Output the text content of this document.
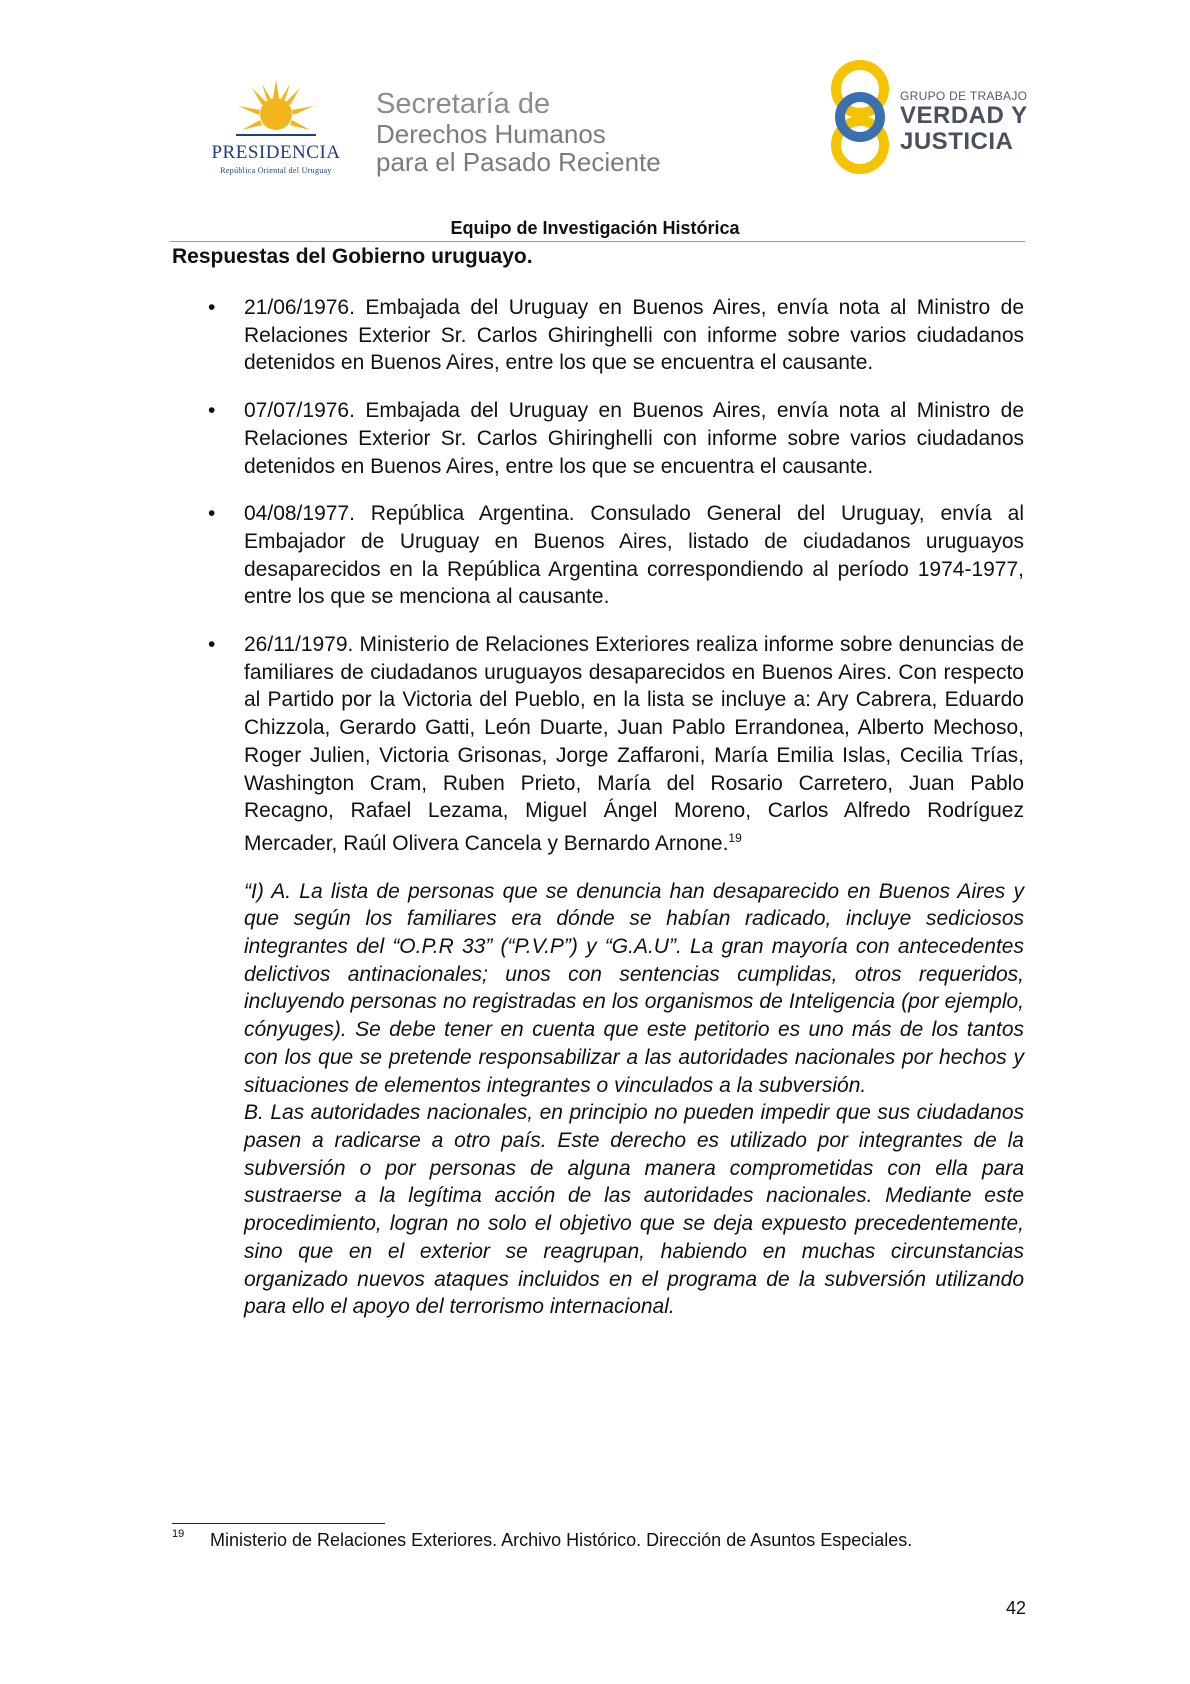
PRESIDENCIA
República Oriental del Uruguay
Secretaría de
Derechos Humanos
para el Pasado Reciente
GRUPO DE TRABAJO
VERDAD Y
JUSTICIA
Equipo de Investigación Histórica
Respuestas del Gobierno uruguayo.
• 21/06/1976. Embajada del Uruguay en Buenos Aires, envía nota al Ministro de Relaciones Exterior Sr. Carlos Ghiringhelli con informe sobre varios ciudadanos detenidos en Buenos Aires, entre los que se encuentra el causante.
• 07/07/1976. Embajada del Uruguay en Buenos Aires, envía nota al Ministro de Relaciones Exterior Sr. Carlos Ghiringhelli con informe sobre varios ciudadanos detenidos en Buenos Aires, entre los que se encuentra el causante.
• 04/08/1977. República Argentina. Consulado General del Uruguay, envía al Embajador de Uruguay en Buenos Aires, listado de ciudadanos uruguayos desaparecidos en la República Argentina correspondiendo al período 1974-1977, entre los que se menciona al causante.
• 26/11/1979. Ministerio de Relaciones Exteriores realiza informe sobre denuncias de familiares de ciudadanos uruguayos desaparecidos en Buenos Aires. Con respecto al Partido por la Victoria del Pueblo, en la lista se incluye a: Ary Cabrera, Eduardo Chizzola, Gerardo Gatti, León Duarte, Juan Pablo Errandonea, Alberto Mechoso, Roger Julien, Victoria Grisonas, Jorge Zaffaroni, María Emilia Islas, Cecilia Trías, Washington Cram, Ruben Prieto, María del Rosario Carretero, Juan Pablo Recagno, Rafael Lezama, Miguel Ángel Moreno, Carlos Alfredo Rodríguez Mercader, Raúl Olivera Cancela y Bernardo Arnone.$^{19}$

“I) A. La lista de personas que se denuncia han desaparecido en Buenos Aires y que según los familiares era dónde se habían radicado, incluye sediciosos integrantes del “O.P.R 33” (“P.V.P”) y “G.A.U”. La gran mayoría con antecedentes delictivos antinacionales; unos con sentencias cumplidas, otros requeridos, incluyendo personas no registradas en los organismos de Inteligencia (por ejemplo, cónyuges). Se debe tener en cuenta que este petitorio es uno más de los tantos con los que se pretende responsabilizar a las autoridades nacionales por hechos y situaciones de elementos integrantes o vinculados a la subversión.

B. Las autoridades nacionales, en principio no pueden impedir que sus ciudadanos pasen a radicarse a otro país. Este derecho es utilizado por integrantes de la subversión o por personas de alguna manera comprometidas con ella para sustraerse a la legítima acción de las autoridades nacionales. Mediante este procedimiento, logran no solo el objetivo que se deja expuesto precedentemente, sino que en el exterior se reagrupan, habiendo en muchas circunstancias organizado nuevos ataques incluidos en el programa de la subversión utilizando para ello el apoyo del terrorismo internacional.

19 Ministerio de Relaciones Exteriores. Archivo Histórico. Dirección de Asuntos Especiales.
42
